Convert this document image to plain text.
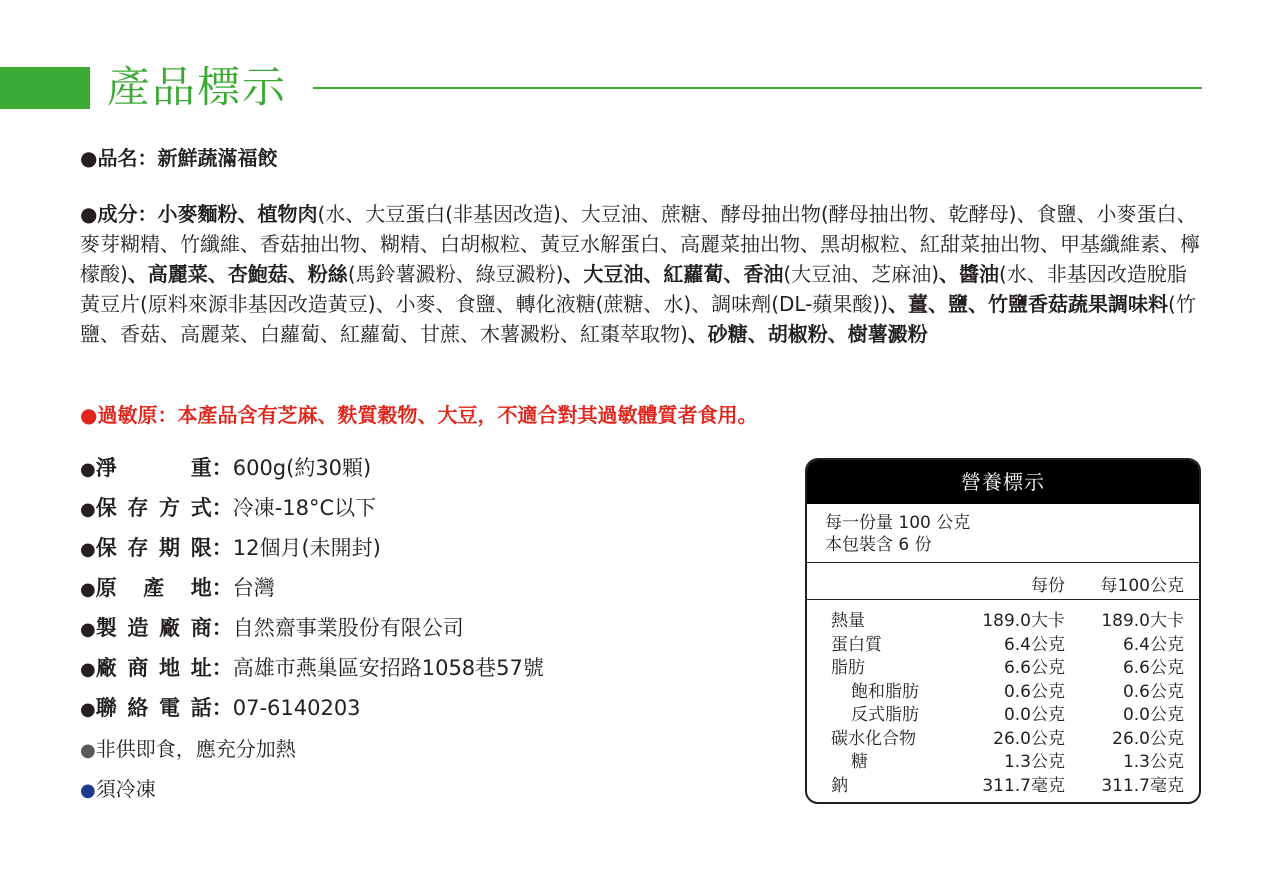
產品標示
●品名：新鮮蔬滿福餃
●成分：小麥麵粉、植物肉(水、大豆蛋白(非基因改造)、大豆油、蔗糖、酵母抽出物(酵母抽出物、乾酵母)、食鹽、小麥蛋白、麥芽糊精、竹纖維、香菇抽出物、糊精、白胡椒粒、黃豆水解蛋白、高麗菜抽出物、黑胡椒粒、紅甜菜抽出物、甲基纖維素、檸檬酸)、高麗菜、杏鮑菇、粉絲(馬鈴薯澱粉、綠豆澱粉)、大豆油、紅蘿蔔、香油(大豆油、芝麻油)、醬油(水、非基因改造脫脂黃豆片(原料來源非基因改造黃豆)、小麥、食鹽、轉化液糖(蔗糖、水)、調味劑(DL-蘋果酸))、薑、鹽、竹鹽香菇蔬果調味料(竹鹽、香菇、高麗菜、白蘿蔔、紅蘿蔔、甘蔗、木薯澱粉、紅棗萃取物)、砂糖、胡椒粉、樹薯澱粉
●過敏原：本產品含有芝麻、麩質穀物、大豆，不適合對其過敏體質者食用。
●淨　　重：600g(約30顆)
●保存方式：冷凍-18°C以下
●保存期限：12個月(未開封)
●原 產 地：台灣
●製造廠商：自然齋事業股份有限公司
●廠商地址：高雄市燕巢區安招路1058巷57號
●聯絡電話：07-6140203
●非供即食，應充分加熱
●須冷凍
營養標示
每一份量 100 公克
本包裝含 6 份
每份 每100公克
熱量	189.0大卡 189.0大卡
蛋白質	6.4公克	6.4公克
脂肪	6.6公克	6.6公克
飽和脂肪	0.6公克	0.6公克
反式脂肪	0.0公克	0.0公克
碳水化合物	26.0公克	26.0公克
糖	1.3公克	1.3公克
鈉	311.7毫克 311.7毫克
